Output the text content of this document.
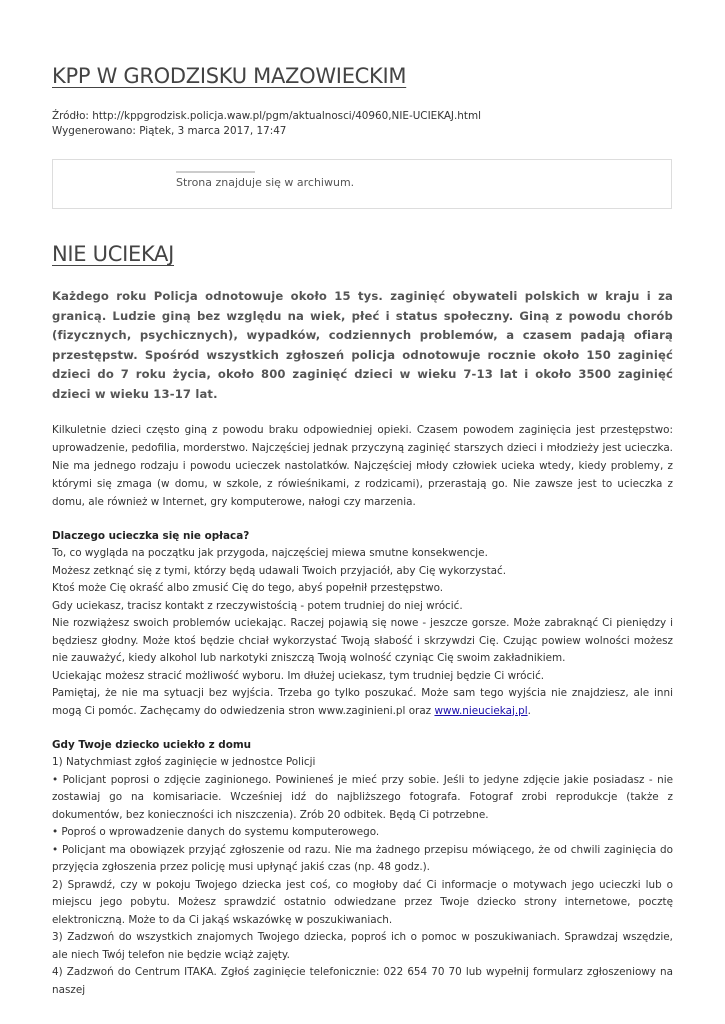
KPP W GRODZISKU MAZOWIECKIM
Źródło: http://kppgrodzisk.policja.waw.pl/pgm/aktualnosci/40960,NIE-UCIEKAJ.html
Wygenerowano: Piątek, 3 marca 2017, 17:47
Strona znajduje się w archiwum.
NIE UCIEKAJ
Każdego roku Policja odnotowuje około 15 tys. zaginięć obywateli polskich w kraju i za granicą. Ludzie giną bez względu na wiek, płeć i status społeczny. Giną z powodu chorób (fizycznych, psychicznych), wypadków, codziennych problemów, a czasem padają ofiarą przestępstw. Spośród wszystkich zgłoszeń policja odnotowuje rocznie około 150 zaginięć dzieci do 7 roku życia, około 800 zaginięć dzieci w wieku 7-13 lat i około 3500 zaginięć dzieci w wieku 13-17 lat.
Kilkuletnie dzieci często giną z powodu braku odpowiedniej opieki. Czasem powodem zaginięcia jest przestępstwo: uprowadzenie, pedofilia, morderstwo. Najczęściej jednak przyczyną zaginięć starszych dzieci i młodzieży jest ucieczka. Nie ma jednego rodzaju i powodu ucieczek nastolatków. Najczęściej młody człowiek ucieka wtedy, kiedy problemy, z którymi się zmaga (w domu, w szkole, z rówieśnikami, z rodzicami), przerastają go. Nie zawsze jest to ucieczka z domu, ale również w Internet, gry komputerowe, nałogi czy marzenia.
Dlaczego ucieczka się nie opłaca?
To, co wygląda na początku jak przygoda, najczęściej miewa smutne konsekwencje.
Możesz zetknąć się z tymi, którzy będą udawali Twoich przyjaciół, aby Cię wykorzystać.
Ktoś może Cię okraść albo zmusić Cię do tego, abyś popełnił przestępstwo.
Gdy uciekasz, tracisz kontakt z rzeczywistością - potem trudniej do niej wrócić.
Nie rozwiążesz swoich problemów uciekając. Raczej pojawią się nowe - jeszcze gorsze. Może zabraknąć Ci pieniędzy i będziesz głodny. Może ktoś będzie chciał wykorzystać Twoją słabość i skrzywdzi Cię. Czując powiew wolności możesz nie zauważyć, kiedy alkohol lub narkotyki zniszczą Twoją wolność czyniąc Cię swoim zakładnikiem.
Uciekając możesz stracić możliwość wyboru. Im dłużej uciekasz, tym trudniej będzie Ci wrócić.
Pamiętaj, że nie ma sytuacji bez wyjścia. Trzeba go tylko poszukać. Może sam tego wyjścia nie znajdziesz, ale inni mogą Ci pomóc. Zachęcamy do odwiedzenia stron www.zaginieni.pl oraz www.nieuciekaj.pl.
Gdy Twoje dziecko uciekło z domu
1) Natychmiast zgłoś zaginięcie w jednostce Policji
• Policjant poprosi o zdjęcie zaginionego. Powinieneś je mieć przy sobie. Jeśli to jedyne zdjęcie jakie posiadasz - nie zostawiaj go na komisariacie. Wcześniej idź do najbliższego fotografa. Fotograf zrobi reprodukcje (także z dokumentów, bez konieczności ich niszczenia). Zrób 20 odbitek. Będą Ci potrzebne.
• Poproś o wprowadzenie danych do systemu komputerowego.
• Policjant ma obowiązek przyjąć zgłoszenie od razu. Nie ma żadnego przepisu mówiącego, że od chwili zaginięcia do przyjęcia zgłoszenia przez policję musi upłynąć jakiś czas (np. 48 godz.).
2) Sprawdź, czy w pokoju Twojego dziecka jest coś, co mogłoby dać Ci informacje o motywach jego ucieczki lub o miejscu jego pobytu. Możesz sprawdzić ostatnio odwiedzane przez Twoje dziecko strony internetowe, pocztę elektroniczną. Może to da Ci jakąś wskazówkę w poszukiwaniach.
3) Zadzwoń do wszystkich znajomych Twojego dziecka, poproś ich o pomoc w poszukiwaniach. Sprawdzaj wszędzie, ale niech Twój telefon nie będzie wciąż zajęty.
4) Zadzwoń do Centrum ITAKA. Zgłoś zaginięcie telefonicznie: 022 654 70 70 lub wypełnij formularz zgłoszeniowy na naszej
